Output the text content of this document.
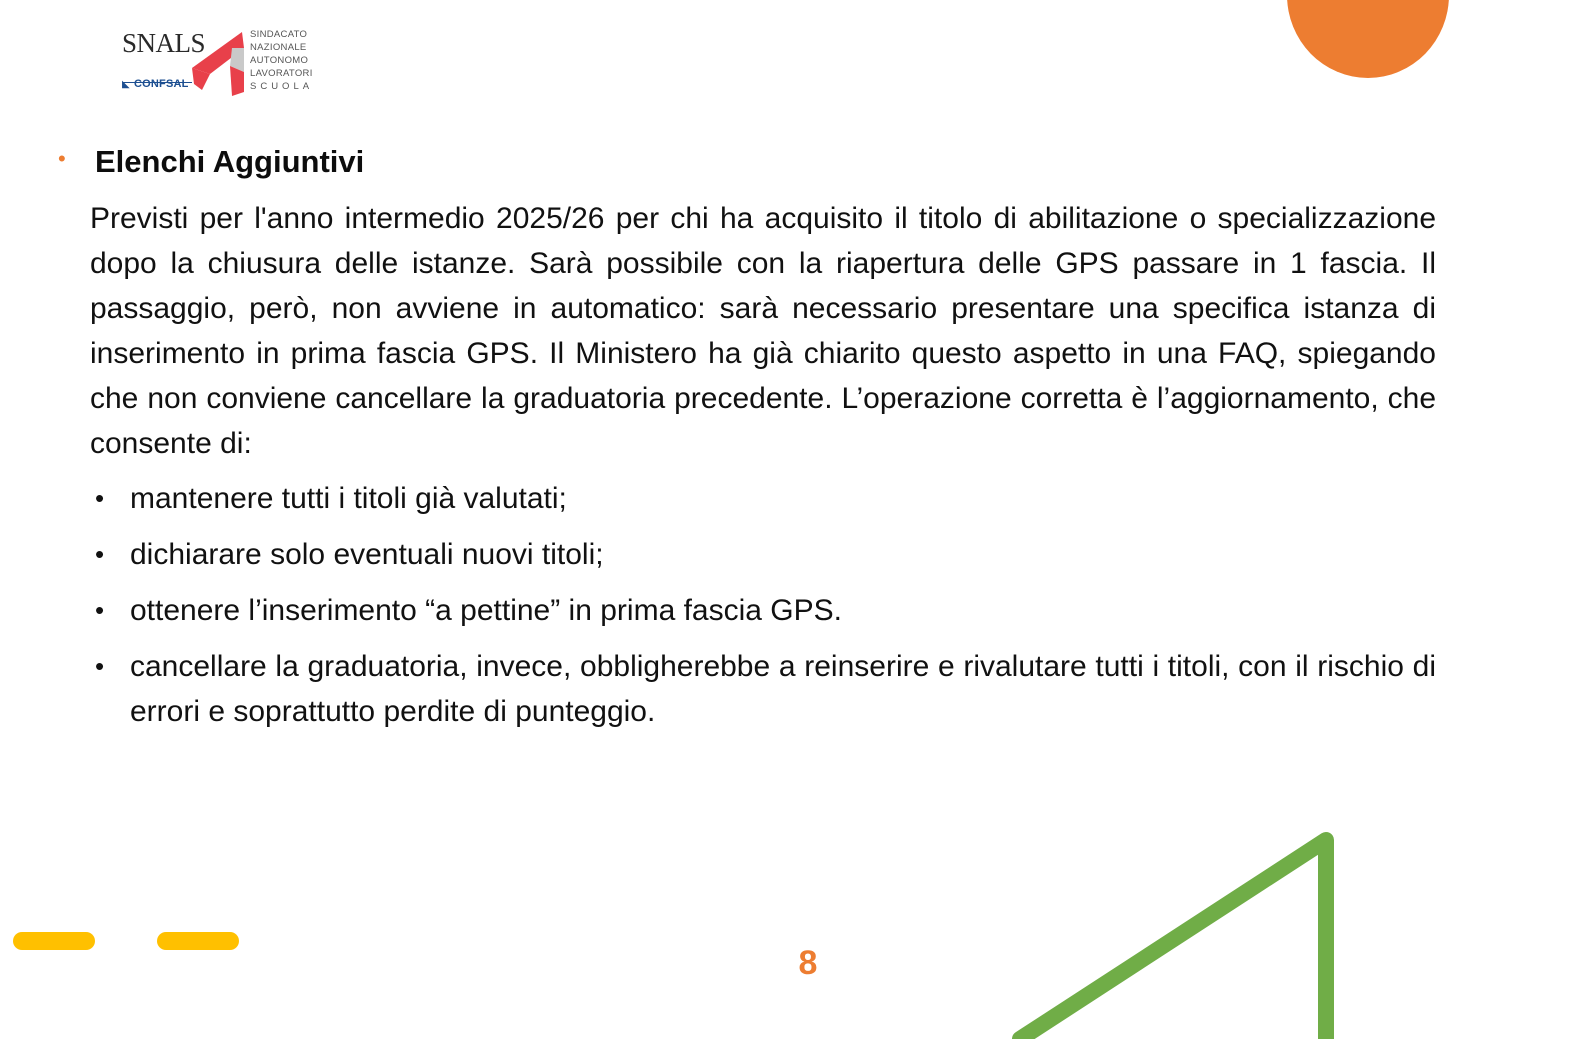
SNALS
◣ CONFSAL
SINDACATO
NAZIONALE
AUTONOMO
LAVORATORI
SCUOLA
• Elenchi Aggiuntivi

Previsti per l'anno intermedio 2025/26 per chi ha acquisito il titolo di abilitazione o specializzazione dopo la chiusura delle istanze. Sarà possibile con la riapertura delle GPS passare in 1 fascia. Il passaggio, però, non avviene in automatico: sarà necessario presentare una specifica istanza di inserimento in prima fascia GPS. Il Ministero ha già chiarito questo aspetto in una FAQ, spiegando che non conviene cancellare la graduatoria precedente. L’operazione corretta è l’aggiornamento, che consente di:

• mantenere tutti i titoli già valutati;
• dichiarare solo eventuali nuovi titoli;
• ottenere l’inserimento “a pettine” in prima fascia GPS.
• cancellare la graduatoria, invece, obbligherebbe a reinserire e rivalutare tutti i titoli, con il rischio di errori e soprattutto perdite di punteggio.
8
